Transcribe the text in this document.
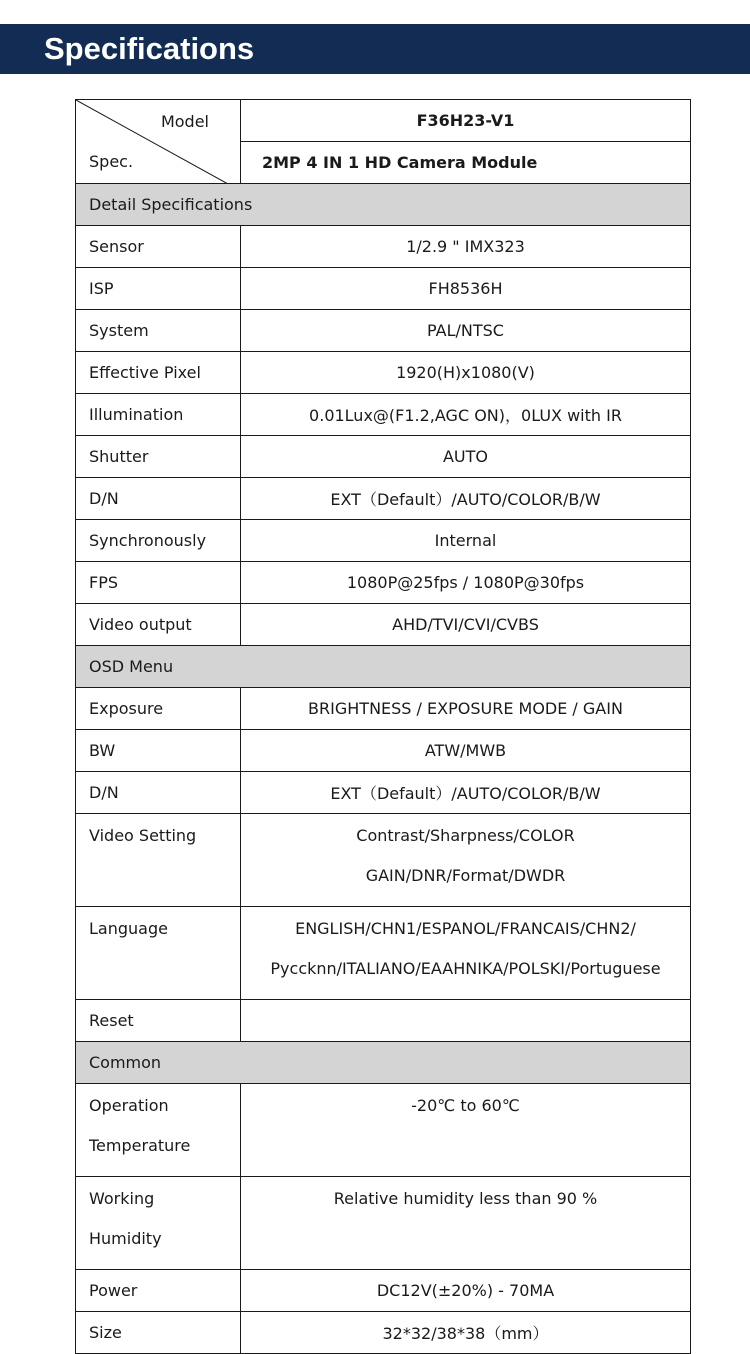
Specifications
Model
Spec.	F36H23-V1
	2MP 4 IN 1 HD Camera Module
Detail Specifications	
Sensor	1/2.9 " IMX323
ISP	FH8536H
System	PAL/NTSC
Effective Pixel	1920(H)x1080(V)
Illumination	0.01Lux@(F1.2,AGC ON)，0LUX with IR
Shutter	AUTO
D/N	EXT（Default）/AUTO/COLOR/B/W
Synchronously	Internal
FPS	1080P@25fps / 1080P@30fps
Video output	AHD/TVI/CVI/CVBS
OSD Menu	
Exposure	BRIGHTNESS / EXPOSURE MODE / GAIN
BW	ATW/MWB
D/N	EXT（Default）/AUTO/COLOR/B/W

Video Setting	Contrast/Sharpness/COLOR
GAIN/DNR/Format/DWDR

Language	ENGLISH/CHN1/ESPANOL/FRANCAIS/CHN2/
Pyccknn/ITALIANO/EAAHNIKA/POLSKI/Portuguese

Reset	
Common	

Operation
Temperature	-20℃ to 60℃

Working
Humidity	Relative humidity less than 90 %

Power	DC12V(±20%) - 70MA
Size	32*32/38*38（mm）
